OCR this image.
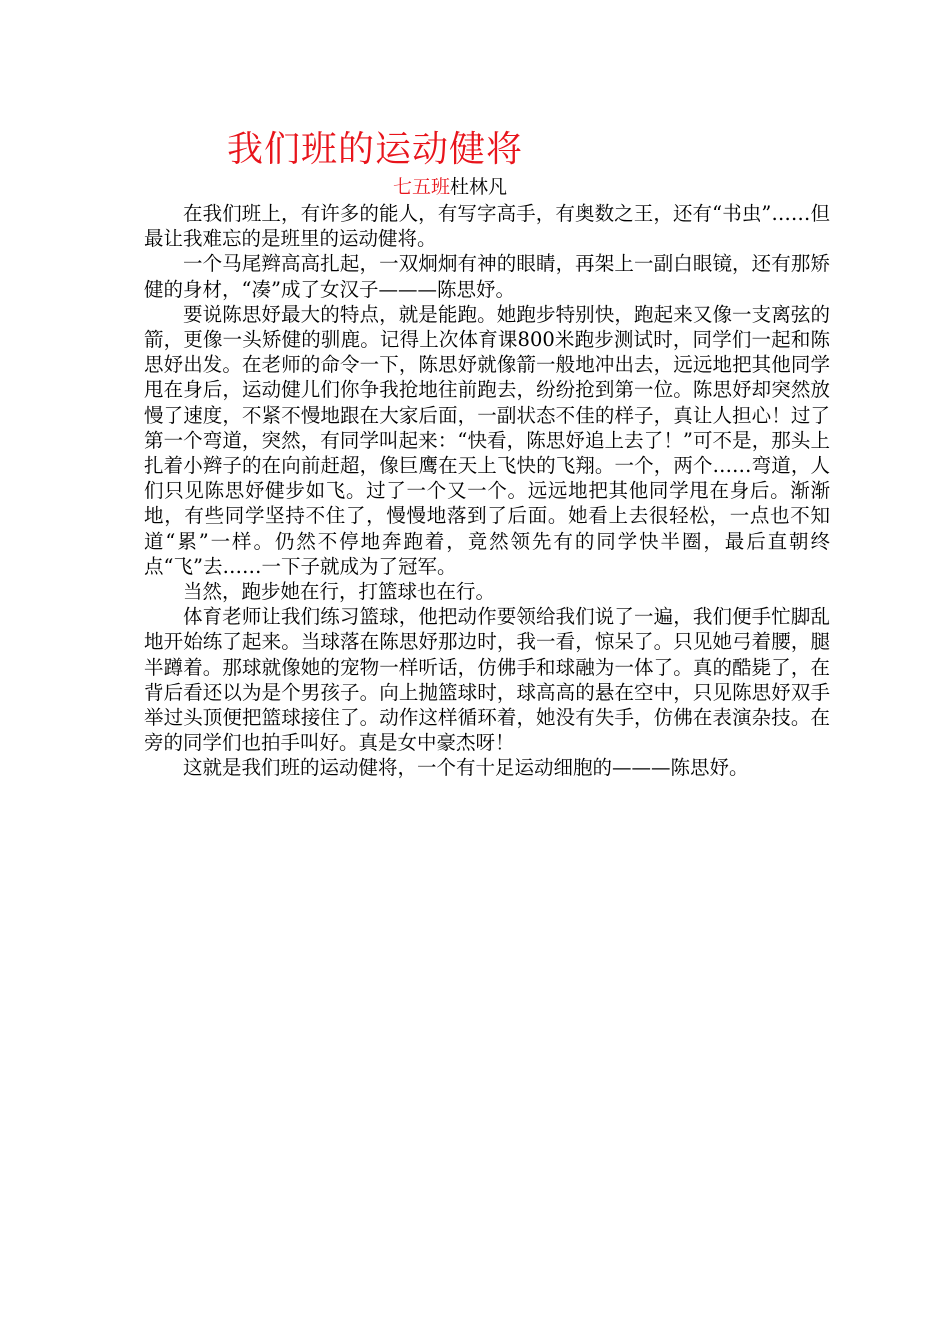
我们班的运动健将
七五班杜林凡

在我们班上，有许多的能人，有写字高手，有奥数之王，还有“书虫”……但最让我难忘的是班里的运动健将。

一个马尾辫高高扎起，一双炯炯有神的眼睛，再架上一副白眼镜，还有那矫健的身材，“凑”成了女汉子———陈思妤。

要说陈思妤最大的特点，就是能跑。她跑步特别快，跑起来又像一支离弦的箭，更像一头矫健的驯鹿。记得上次体育课800米跑步测试时，同学们一起和陈思妤出发。在老师的命令一下，陈思妤就像箭一般地冲出去，远远地把其他同学甩在身后，运动健儿们你争我抢地往前跑去，纷纷抢到第一位。陈思妤却突然放慢了速度，不紧不慢地跟在大家后面，一副状态不佳的样子，真让人担心！过了第一个弯道，突然，有同学叫起来：“快看，陈思妤追上去了！”可不是，那头上扎着小辫子的在向前赶超，像巨鹰在天上飞快的飞翔。一个，两个……弯道，人们只见陈思妤健步如飞。过了一个又一个。远远地把其他同学甩在身后。渐渐地，有些同学坚持不住了，慢慢地落到了后面。她看上去很轻松，一点也不知道“累”一样。仍然不停地奔跑着，竟然领先有的同学快半圈，最后直朝终点“飞”去……一下子就成为了冠军。

当然，跑步她在行，打篮球也在行。

体育老师让我们练习篮球，他把动作要领给我们说了一遍，我们便手忙脚乱地开始练了起来。当球落在陈思妤那边时，我一看，惊呆了。只见她弓着腰，腿半蹲着。那球就像她的宠物一样听话，仿佛手和球融为一体了。真的酷毙了，在背后看还以为是个男孩子。向上抛篮球时，球高高的悬在空中，只见陈思妤双手举过头顶便把篮球接住了。动作这样循环着，她没有失手，仿佛在表演杂技。在旁的同学们也拍手叫好。真是女中豪杰呀！

这就是我们班的运动健将，一个有十足运动细胞的———陈思妤。
